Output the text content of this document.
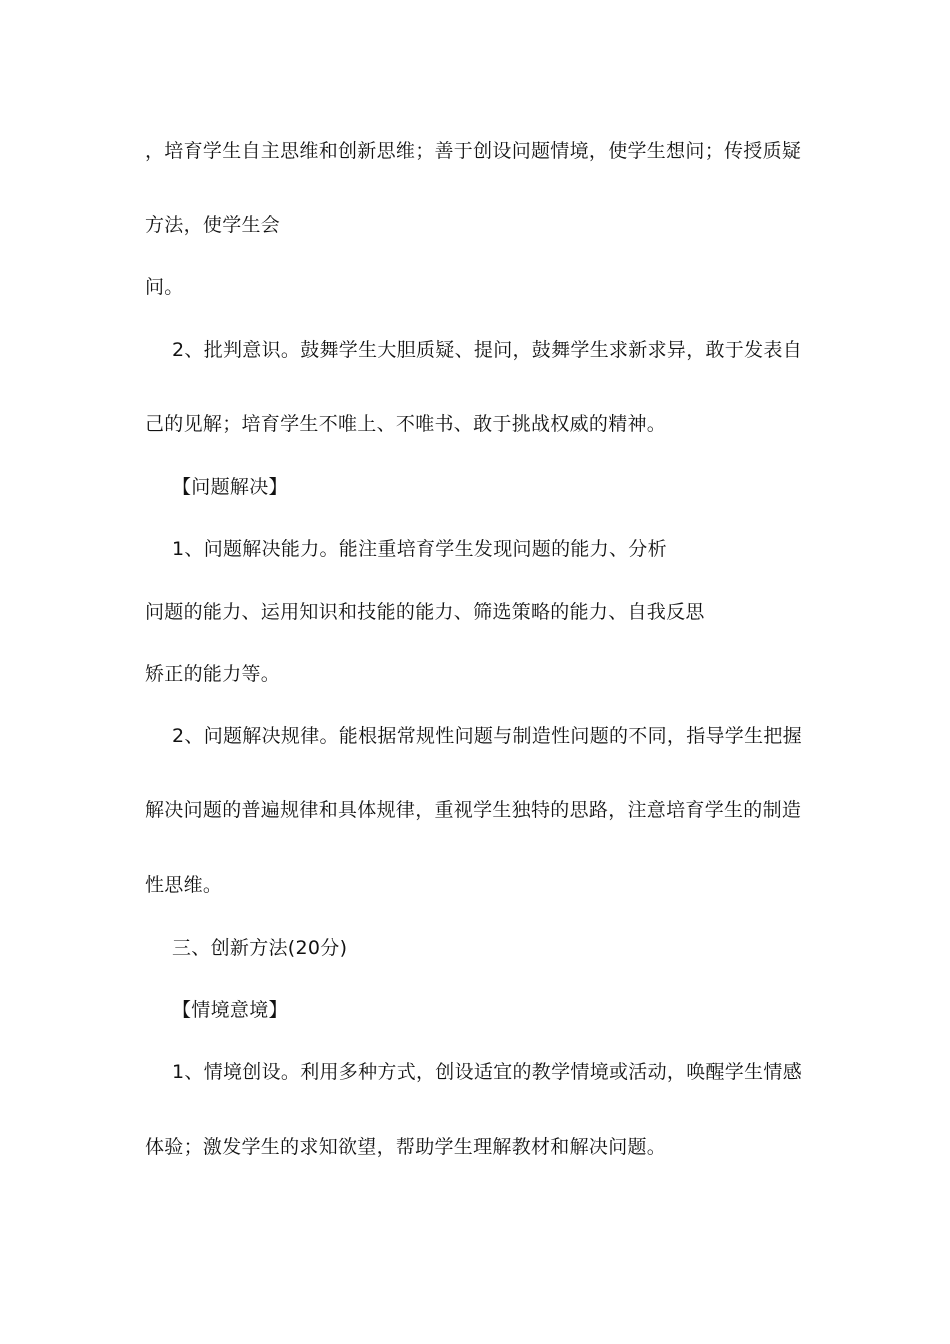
，培育学生自主思维和创新思维；善于创设问题情境，使学生想问；传授质疑

方法，使学生会

问。

2、批判意识。鼓舞学生大胆质疑、提问，鼓舞学生求新求异，敢于发表自

己的见解；培育学生不唯上、不唯书、敢于挑战权威的精神。

【问题解决】

1、问题解决能力。能注重培育学生发现问题的能力、分析

问题的能力、运用知识和技能的能力、筛选策略的能力、自我反思

矫正的能力等。

2、问题解决规律。能根据常规性问题与制造性问题的不同，指导学生把握

解决问题的普遍规律和具体规律，重视学生独特的思路，注意培育学生的制造

性思维。

三、创新方法(20分)

【情境意境】

1、情境创设。利用多种方式，创设适宜的教学情境或活动，唤醒学生情感

体验；激发学生的求知欲望，帮助学生理解教材和解决问题。
